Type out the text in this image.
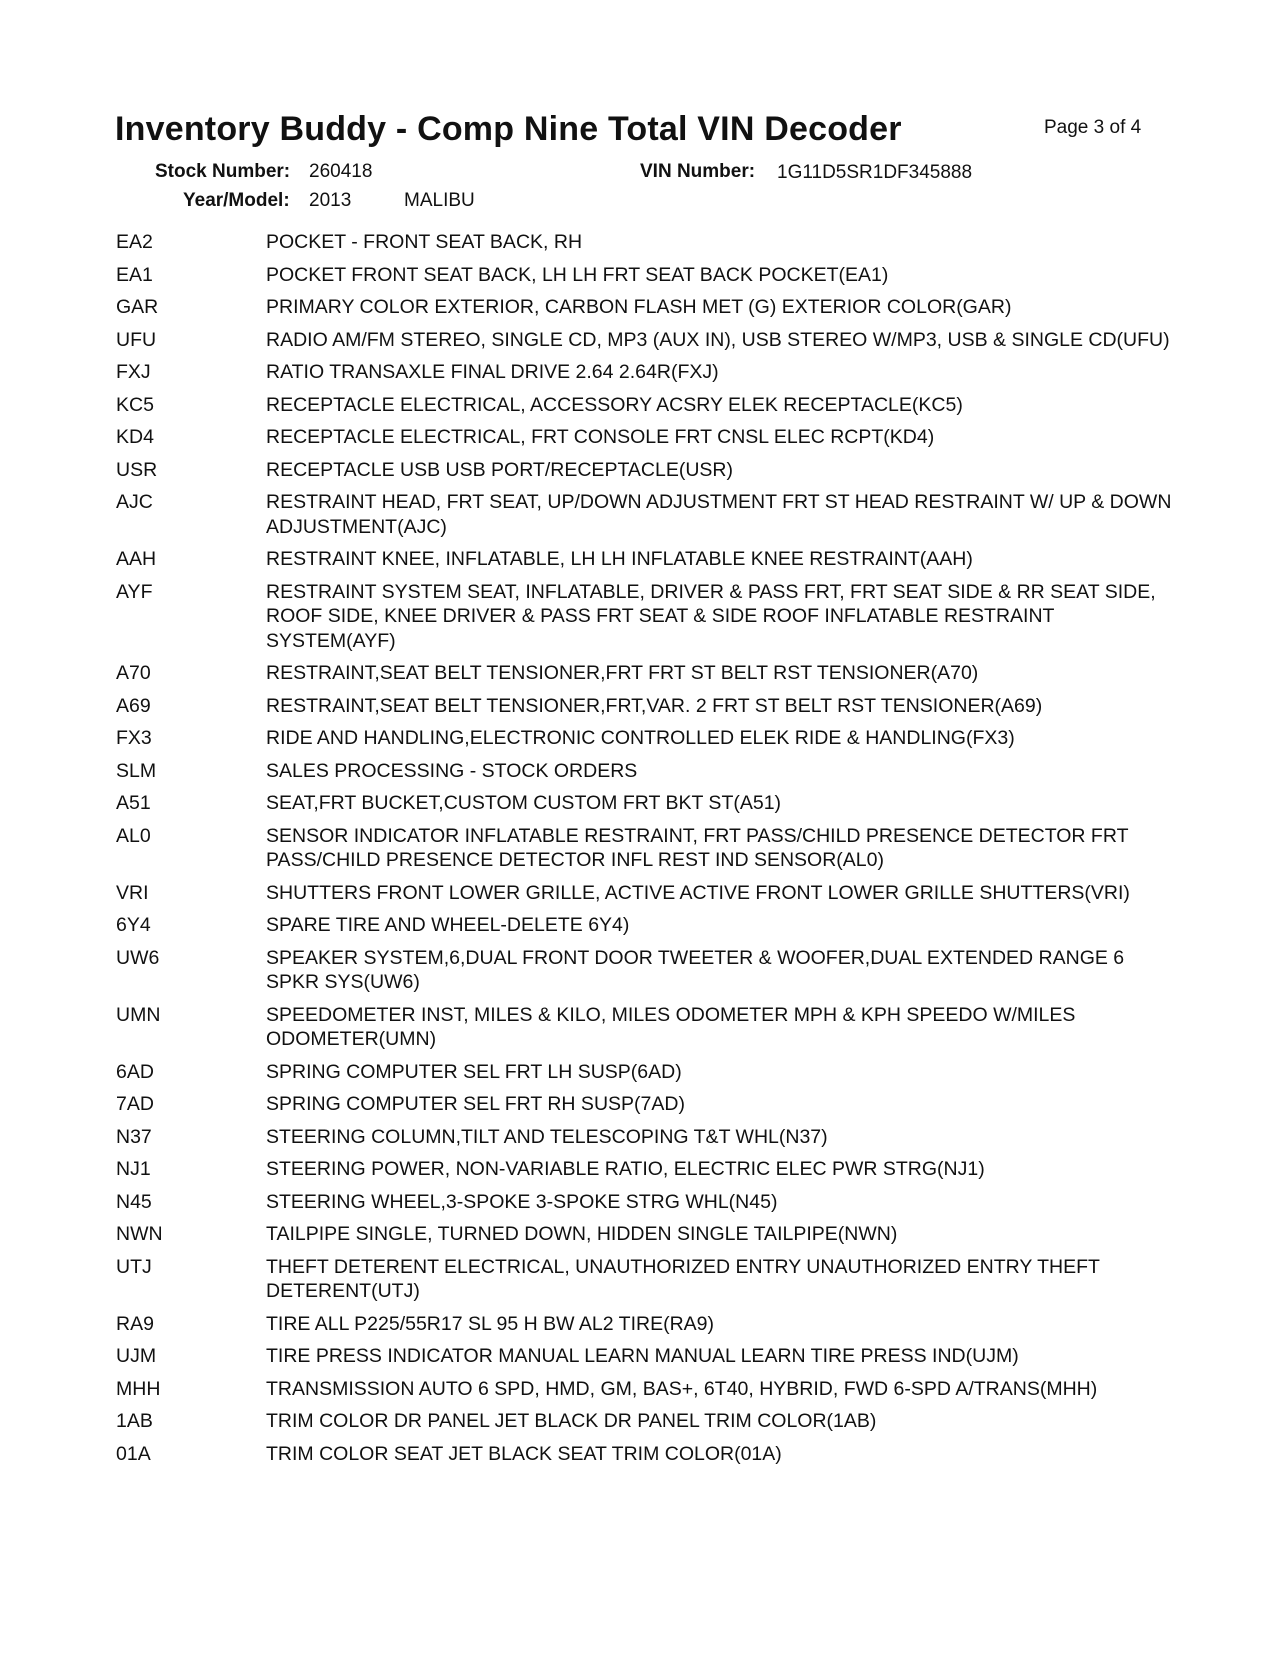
Inventory Buddy - Comp Nine Total VIN Decoder	Page 3 of 4
Stock Number: 260418	VIN Number: 1G11D5SR1DF345888
Year/Model: 2013	MALIBU
EA2	POCKET - FRONT SEAT BACK, RH
EA1	POCKET FRONT SEAT BACK, LH LH FRT SEAT BACK POCKET(EA1)
GAR	PRIMARY COLOR EXTERIOR, CARBON FLASH MET (G) EXTERIOR COLOR(GAR)
UFU	RADIO AM/FM STEREO, SINGLE CD, MP3 (AUX IN), USB STEREO W/MP3, USB & SINGLE CD(UFU)
FXJ	RATIO TRANSAXLE FINAL DRIVE 2.64 2.64R(FXJ)
KC5	RECEPTACLE ELECTRICAL, ACCESSORY ACSRY ELEK RECEPTACLE(KC5)
KD4	RECEPTACLE ELECTRICAL, FRT CONSOLE FRT CNSL ELEC RCPT(KD4)
USR	RECEPTACLE USB USB PORT/RECEPTACLE(USR)
AJC	RESTRAINT HEAD, FRT SEAT, UP/DOWN ADJUSTMENT FRT ST HEAD RESTRAINT W/ UP & DOWN ADJUSTMENT(AJC)
AAH	RESTRAINT KNEE, INFLATABLE, LH LH INFLATABLE KNEE RESTRAINT(AAH)
AYF	RESTRAINT SYSTEM SEAT, INFLATABLE, DRIVER & PASS FRT, FRT SEAT SIDE & RR SEAT SIDE, ROOF SIDE, KNEE DRIVER & PASS FRT SEAT & SIDE ROOF INFLATABLE RESTRAINT SYSTEM(AYF)
A70	RESTRAINT,SEAT BELT TENSIONER,FRT FRT ST BELT RST TENSIONER(A70)
A69	RESTRAINT,SEAT BELT TENSIONER,FRT,VAR. 2 FRT ST BELT RST TENSIONER(A69)
FX3	RIDE AND HANDLING,ELECTRONIC CONTROLLED ELEK RIDE & HANDLING(FX3)
SLM	SALES PROCESSING - STOCK ORDERS
A51	SEAT,FRT BUCKET,CUSTOM CUSTOM FRT BKT ST(A51)
AL0	SENSOR INDICATOR INFLATABLE RESTRAINT, FRT PASS/CHILD PRESENCE DETECTOR FRT PASS/CHILD PRESENCE DETECTOR INFL REST IND SENSOR(AL0)
VRI	SHUTTERS FRONT LOWER GRILLE, ACTIVE ACTIVE FRONT LOWER GRILLE SHUTTERS(VRI)
6Y4	SPARE TIRE AND WHEEL-DELETE 6Y4)
UW6	SPEAKER SYSTEM,6,DUAL FRONT DOOR TWEETER & WOOFER,DUAL EXTENDED RANGE 6 SPKR SYS(UW6)
UMN	SPEEDOMETER INST, MILES & KILO, MILES ODOMETER MPH & KPH SPEEDO W/MILES ODOMETER(UMN)
6AD	SPRING COMPUTER SEL FRT LH SUSP(6AD)
7AD	SPRING COMPUTER SEL FRT RH SUSP(7AD)
N37	STEERING COLUMN,TILT AND TELESCOPING T&T WHL(N37)
NJ1	STEERING POWER, NON-VARIABLE RATIO, ELECTRIC ELEC PWR STRG(NJ1)
N45	STEERING WHEEL,3-SPOKE 3-SPOKE STRG WHL(N45)
NWN	TAILPIPE SINGLE, TURNED DOWN, HIDDEN SINGLE TAILPIPE(NWN)
UTJ	THEFT DETERENT ELECTRICAL, UNAUTHORIZED ENTRY UNAUTHORIZED ENTRY THEFT DETERENT(UTJ)
RA9	TIRE ALL P225/55R17 SL 95 H BW AL2 TIRE(RA9)
UJM	TIRE PRESS INDICATOR MANUAL LEARN MANUAL LEARN TIRE PRESS IND(UJM)
MHH	TRANSMISSION AUTO 6 SPD, HMD, GM, BAS+, 6T40, HYBRID, FWD 6-SPD A/TRANS(MHH)
1AB	TRIM COLOR DR PANEL JET BLACK DR PANEL TRIM COLOR(1AB)
01A	TRIM COLOR SEAT JET BLACK SEAT TRIM COLOR(01A)
